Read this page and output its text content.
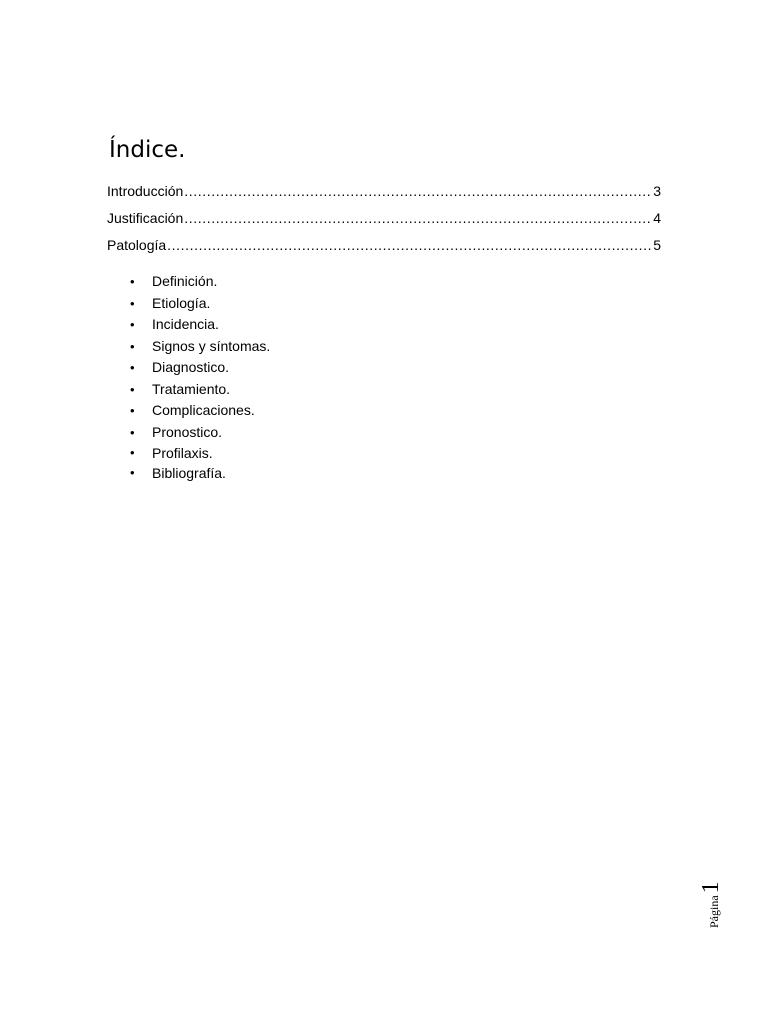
Índice.
Introducción .....	3
Justificación .....	4
Patología .....	5
• Definición.
• Etiología.
• Incidencia.
• Signos y síntomas.
• Diagnostico.
• Tratamiento.
• Complicaciones.
• Pronostico.
• Profilaxis.
• Bibliografía.
Página
1
